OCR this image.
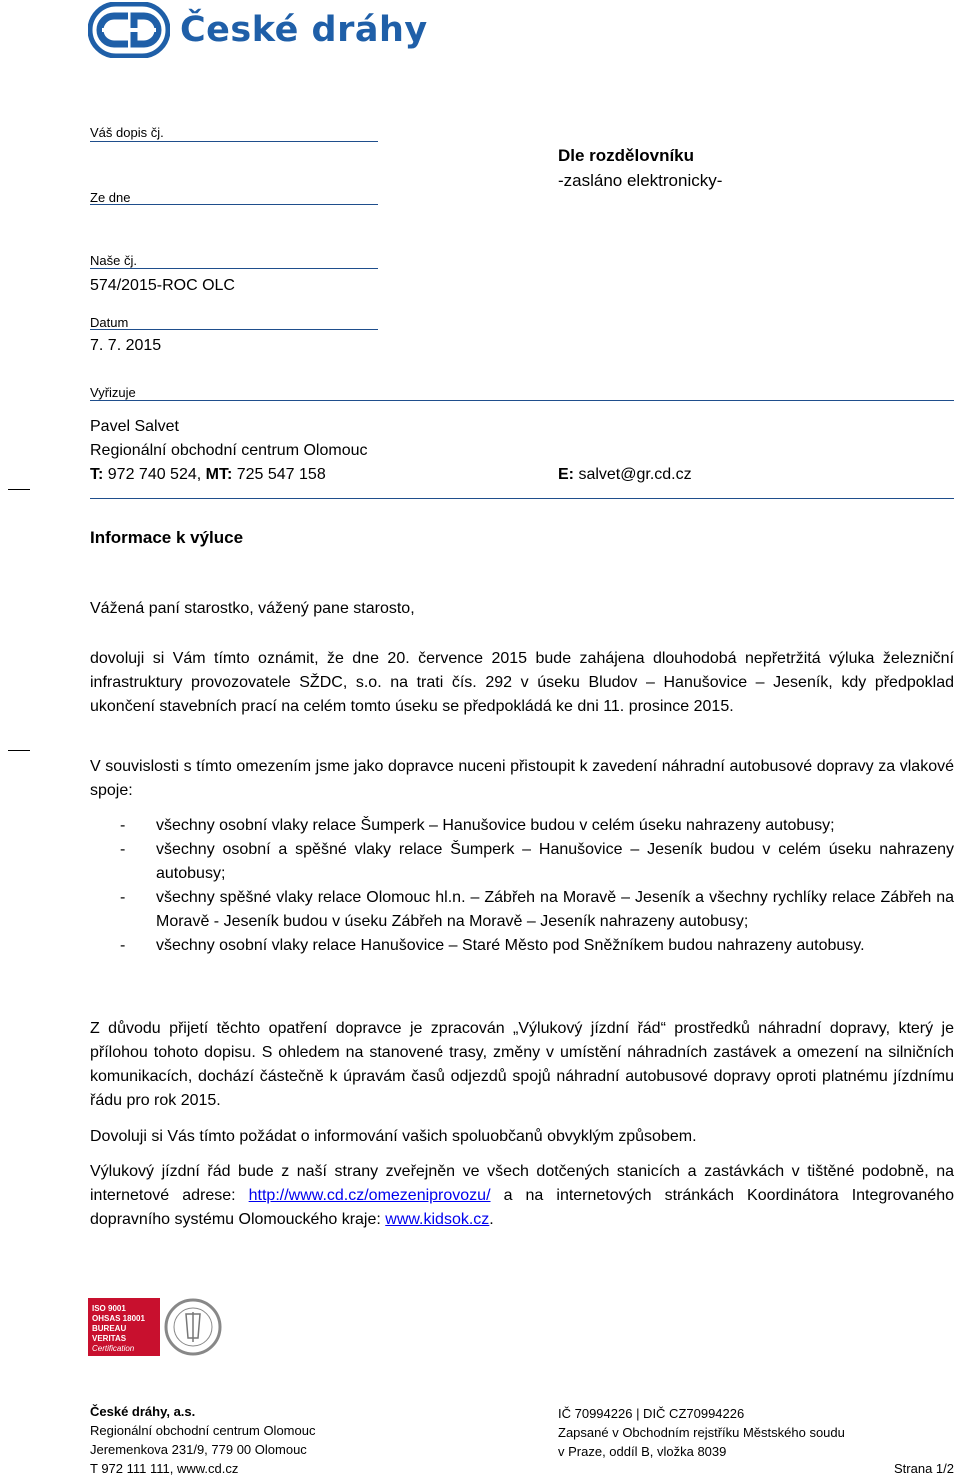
České dráhy
Váš dopis čj.
Ze dne
Naše čj.
574/2015-ROC OLC
Datum
7. 7. 2015
Vyřizuje
Dle rozdělovníku
-zasláno elektronicky-
Pavel Salvet
Regionální obchodní centrum Olomouc
T: 972 740 524, MT: 725 547 158	E: salvet@gr.cd.cz
Informace k výluce
Vážená paní starostko, vážený pane starosto,
dovoluji si Vám tímto oznámit, že dne 20. července 2015 bude zahájena dlouhodobá nepřetržitá výluka železniční infrastruktury provozovatele SŽDC, s.o. na trati čís. 292 v úseku Bludov – Hanušovice – Jeseník, kdy předpoklad ukončení stavebních prací na celém tomto úseku se předpokládá ke dni 11. prosince 2015.
V souvislosti s tímto omezením jsme jako dopravce nuceni přistoupit k zavedení náhradní autobusové dopravy za vlakové spoje:
-	všechny osobní vlaky relace Šumperk – Hanušovice budou v celém úseku nahrazeny autobusy;
-	všechny osobní a spěšné vlaky relace Šumperk – Hanušovice – Jeseník budou v celém úseku nahrazeny autobusy;
-	všechny spěšné vlaky relace Olomouc hl.n. – Zábřeh na Moravě – Jeseník a všechny rychlíky relace Zábřeh na Moravě - Jeseník budou v úseku Zábřeh na Moravě – Jeseník nahrazeny autobusy;
-	všechny osobní vlaky relace Hanušovice – Staré Město pod Sněžníkem budou nahrazeny autobusy.
Z důvodu přijetí těchto opatření dopravce je zpracován „Výlukový jízdní řád“ prostředků náhradní dopravy, který je přílohou tohoto dopisu. S ohledem na stanovené trasy, změny v umístění náhradních zastávek a omezení na silničních komunikacích, dochází částečně k úpravám časů odjezdů spojů náhradní autobusové dopravy oproti platnému jízdnímu řádu pro rok 2015.
Dovoluji si Vás tímto požádat o informování vašich spoluobčanů obvyklým způsobem.
Výlukový jízdní řád bude z naší strany zveřejněn ve všech dotčených stanicích a zastávkách v tištěné podobně, na internetové adrese: http://www.cd.cz/omezeniprovozu/ a na internetových stránkách Koordinátora Integrovaného dopravního systému Olomouckého kraje: www.kidsok.cz.
ISO 9001
OHSAS 18001
BUREAU VERITAS
Certification
České dráhy, a.s.
Regionální obchodní centrum Olomouc
Jeremenkova 231/9, 779 00 Olomouc
T 972 111 111, www.cd.cz
IČ 70994226 | DIČ CZ70994226
Zapsané v Obchodním rejstříku Městského soudu
v Praze, oddíl B, vložka 8039
Strana 1/2
